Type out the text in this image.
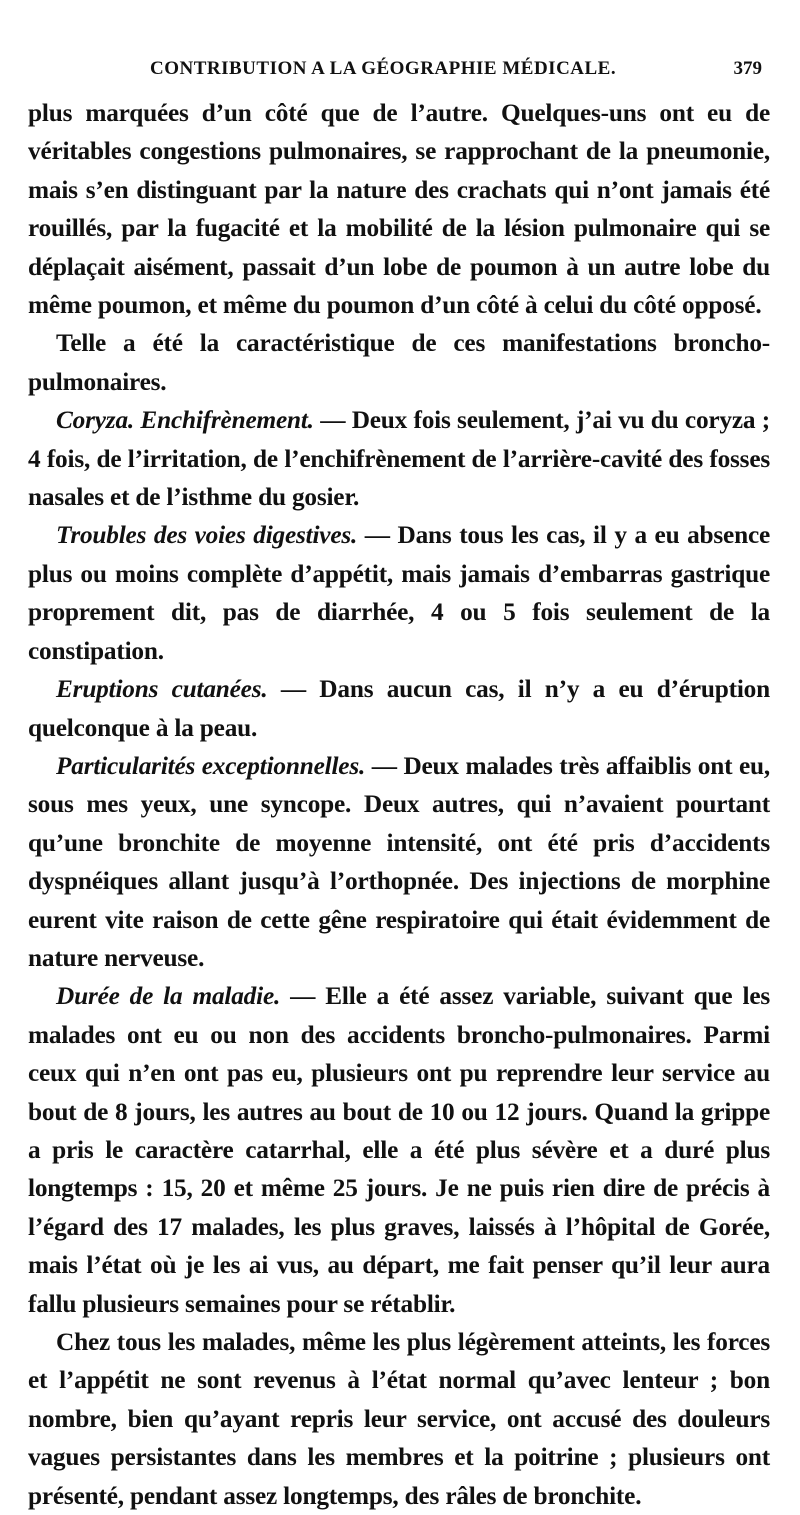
CONTRIBUTION A LA GÉOGRAPHIE MÉDICALE.	379

plus marquées d’un côté que de l’autre. Quelques-uns ont eu de véritables congestions pulmonaires, se rapprochant de la pneumonie, mais s’en distinguant par la nature des crachats qui n’ont jamais été rouillés, par la fugacité et la mobilité de la lésion pulmonaire qui se déplaçait aisément, passait d’un lobe de poumon à un autre lobe du même poumon, et même du poumon d’un côté à celui du côté opposé.

Telle a été la caractéristique de ces manifestations broncho-pulmonaires.

Coryza. Enchifrènement. — Deux fois seulement, j’ai vu du coryza ; 4 fois, de l’irritation, de l’enchifrènement de l’arrière-cavité des fosses nasales et de l’isthme du gosier.

Troubles des voies digestives. — Dans tous les cas, il y a eu absence plus ou moins complète d’appétit, mais jamais d’embarras gastrique proprement dit, pas de diarrhée, 4 ou 5 fois seulement de la constipation.

Eruptions cutanées. — Dans aucun cas, il n’y a eu d’éruption quelconque à la peau.

Particularités exceptionnelles. — Deux malades très affaiblis ont eu, sous mes yeux, une syncope. Deux autres, qui n’avaient pourtant qu’une bronchite de moyenne intensité, ont été pris d’accidents dyspnéiques allant jusqu’à l’orthopnée. Des injections de morphine eurent vite raison de cette gêne respiratoire qui était évidemment de nature nerveuse.

Durée de la maladie. — Elle a été assez variable, suivant que les malades ont eu ou non des accidents broncho-pulmonaires. Parmi ceux qui n’en ont pas eu, plusieurs ont pu reprendre leur service au bout de 8 jours, les autres au bout de 10 ou 12 jours. Quand la grippe a pris le caractère catarrhal, elle a été plus sévère et a duré plus longtemps : 15, 20 et même 25 jours. Je ne puis rien dire de précis à l’égard des 17 malades, les plus graves, laissés à l’hôpital de Gorée, mais l’état où je les ai vus, au départ, me fait penser qu’il leur aura fallu plusieurs semaines pour se rétablir.

Chez tous les malades, même les plus légèrement atteints, les forces et l’appétit ne sont revenus à l’état normal qu’avec lenteur ; bon nombre, bien qu’ayant repris leur service, ont accusé des douleurs vagues persistantes dans les membres et la poitrine ; plusieurs ont présenté, pendant assez longtemps, des râles de bronchite.
